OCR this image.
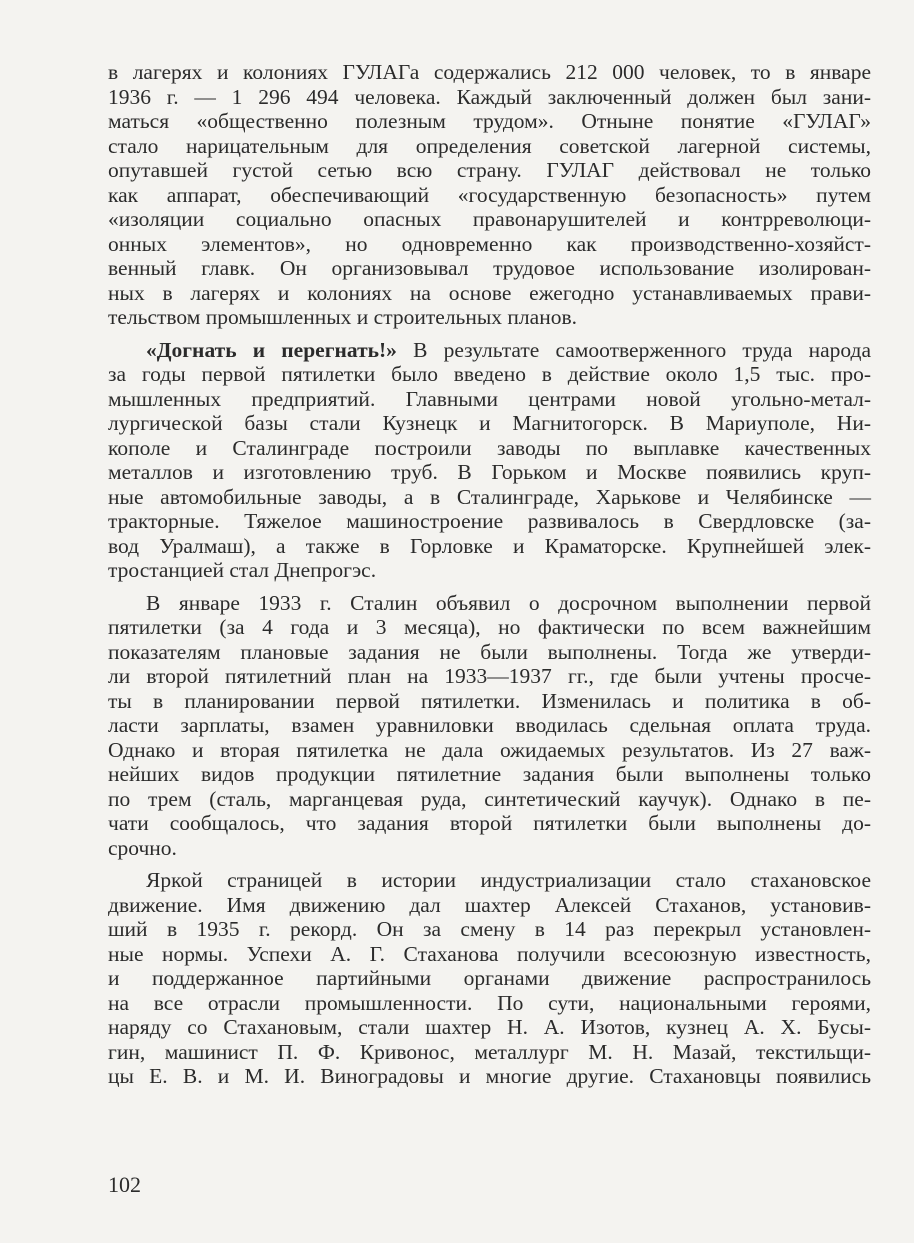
в лагерях и колониях ГУЛАГа содержались 212 000 человек, то в январе
1936 г. — 1 296 494 человека. Каждый заключенный должен был зани-
маться «общественно полезным трудом». Отныне понятие «ГУЛАГ»
стало нарицательным для определения советской лагерной системы,
опутавшей густой сетью всю страну. ГУЛАГ действовал не только
как аппарат, обеспечивающий «государственную безопасность» путем
«изоляции социально опасных правонарушителей и контрреволюци-
онных элементов», но одновременно как производственно-хозяйст-
венный главк. Он организовывал трудовое использование изолирован-
ных в лагерях и колониях на основе ежегодно устанавливаемых прави-
тельством промышленных и строительных планов.
«Догнать и перегнать!» В результате самоотверженного труда народа
за годы первой пятилетки было введено в действие около 1,5 тыс. про-
мышленных предприятий. Главными центрами новой угольно-метал-
лургической базы стали Кузнецк и Магнитогорск. В Мариуполе, Ни-
кополе и Сталинграде построили заводы по выплавке качественных
металлов и изготовлению труб. В Горьком и Москве появились круп-
ные автомобильные заводы, а в Сталинграде, Харькове и Челябинске —
тракторные. Тяжелое машиностроение развивалось в Свердловске (за-
вод Уралмаш), а также в Горловке и Краматорске. Крупнейшей элек-
тростанцией стал Днепрогэс.
В январе 1933 г. Сталин объявил о досрочном выполнении первой
пятилетки (за 4 года и 3 месяца), но фактически по всем важнейшим
показателям плановые задания не были выполнены. Тогда же утверди-
ли второй пятилетний план на 1933—1937 гг., где были учтены просче-
ты в планировании первой пятилетки. Изменилась и политика в об-
ласти зарплаты, взамен уравниловки вводилась сдельная оплата труда.
Однако и вторая пятилетка не дала ожидаемых результатов. Из 27 важ-
нейших видов продукции пятилетние задания были выполнены только
по трем (сталь, марганцевая руда, синтетический каучук). Однако в пе-
чати сообщалось, что задания второй пятилетки были выполнены до-
срочно.
Яркой страницей в истории индустриализации стало стахановское
движение. Имя движению дал шахтер Алексей Стаханов, установив-
ший в 1935 г. рекорд. Он за смену в 14 раз перекрыл установлен-
ные нормы. Успехи А. Г. Стаханова получили всесоюзную известность,
и поддержанное партийными органами движение распространилось
на все отрасли промышленности. По сути, национальными героями,
наряду со Стахановым, стали шахтер Н. А. Изотов, кузнец А. Х. Бусы-
гин, машинист П. Ф. Кривонос, металлург М. Н. Мазай, текстильщи-
цы Е. В. и М. И. Виноградовы и многие другие. Стахановцы появились
102
